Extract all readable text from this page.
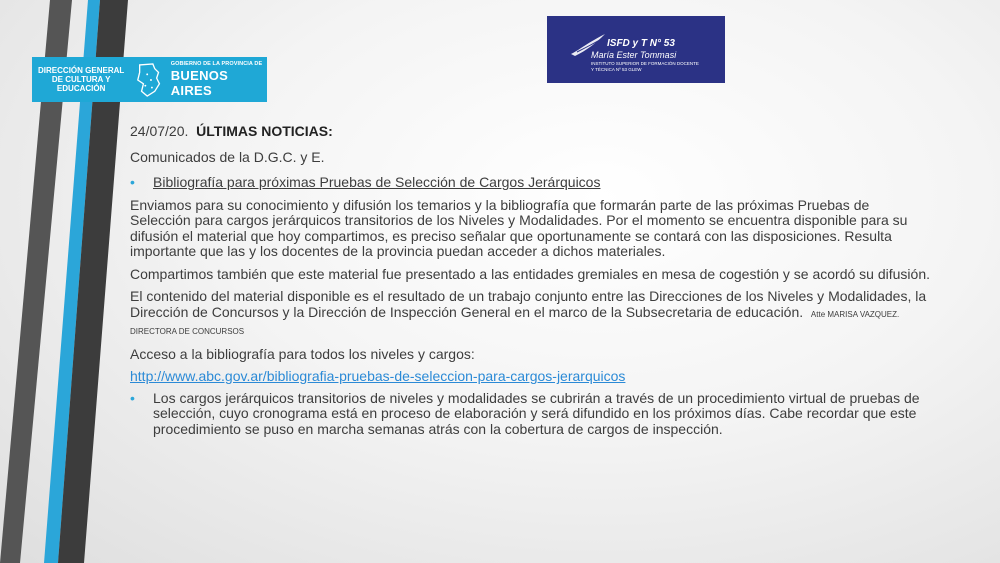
DIRECCIÓN GENERAL
DE CULTURA Y EDUCACIÓN
GOBIERNO DE LA PROVINCIA DE
BUENOS AIRES
ISFD y T N° 53
María Ester Tommasi
INSTITUTO SUPERIOR DE FORMACIÓN DOCENTE
Y TÉCNICA Nº 53 GLEW

24/07/20. ÚLTIMAS NOTICIAS:

Comunicados de la D.G.C. y E.

•	Bibliografía para próximas Pruebas de Selección de Cargos Jerárquicos

Enviamos para su conocimiento y difusión los temarios y la bibliografía que formarán parte de las próximas Pruebas de Selección para cargos jerárquicos transitorios de los Niveles y Modalidades. Por el momento se encuentra disponible para su difusión el material que hoy compartimos, es preciso señalar que oportunamente se contará con las disposiciones. Resulta importante que las y los docentes de la provincia puedan acceder a dichos materiales.

Compartimos también que este material fue presentado a las entidades gremiales en mesa de cogestión y se acordó su difusión.

El contenido del material disponible es el resultado de un trabajo conjunto entre las Direcciones de los Niveles y Modalidades, la Dirección de Concursos y la Dirección de Inspección General en el marco de la Subsecretaria de educación. Atte MARISA VAZQUEZ. DIRECTORA DE CONCURSOS

Acceso a la bibliografía para todos los niveles y cargos:

http://www.abc.gov.ar/bibliografia-pruebas-de-seleccion-para-cargos-jerarquicos

•	Los cargos jerárquicos transitorios de niveles y modalidades se cubrirán a través de un procedimiento virtual de pruebas de selección, cuyo cronograma está en proceso de elaboración y será difundido en los próximos días. Cabe recordar que este procedimiento se puso en marcha semanas atrás con la cobertura de cargos de inspección.
